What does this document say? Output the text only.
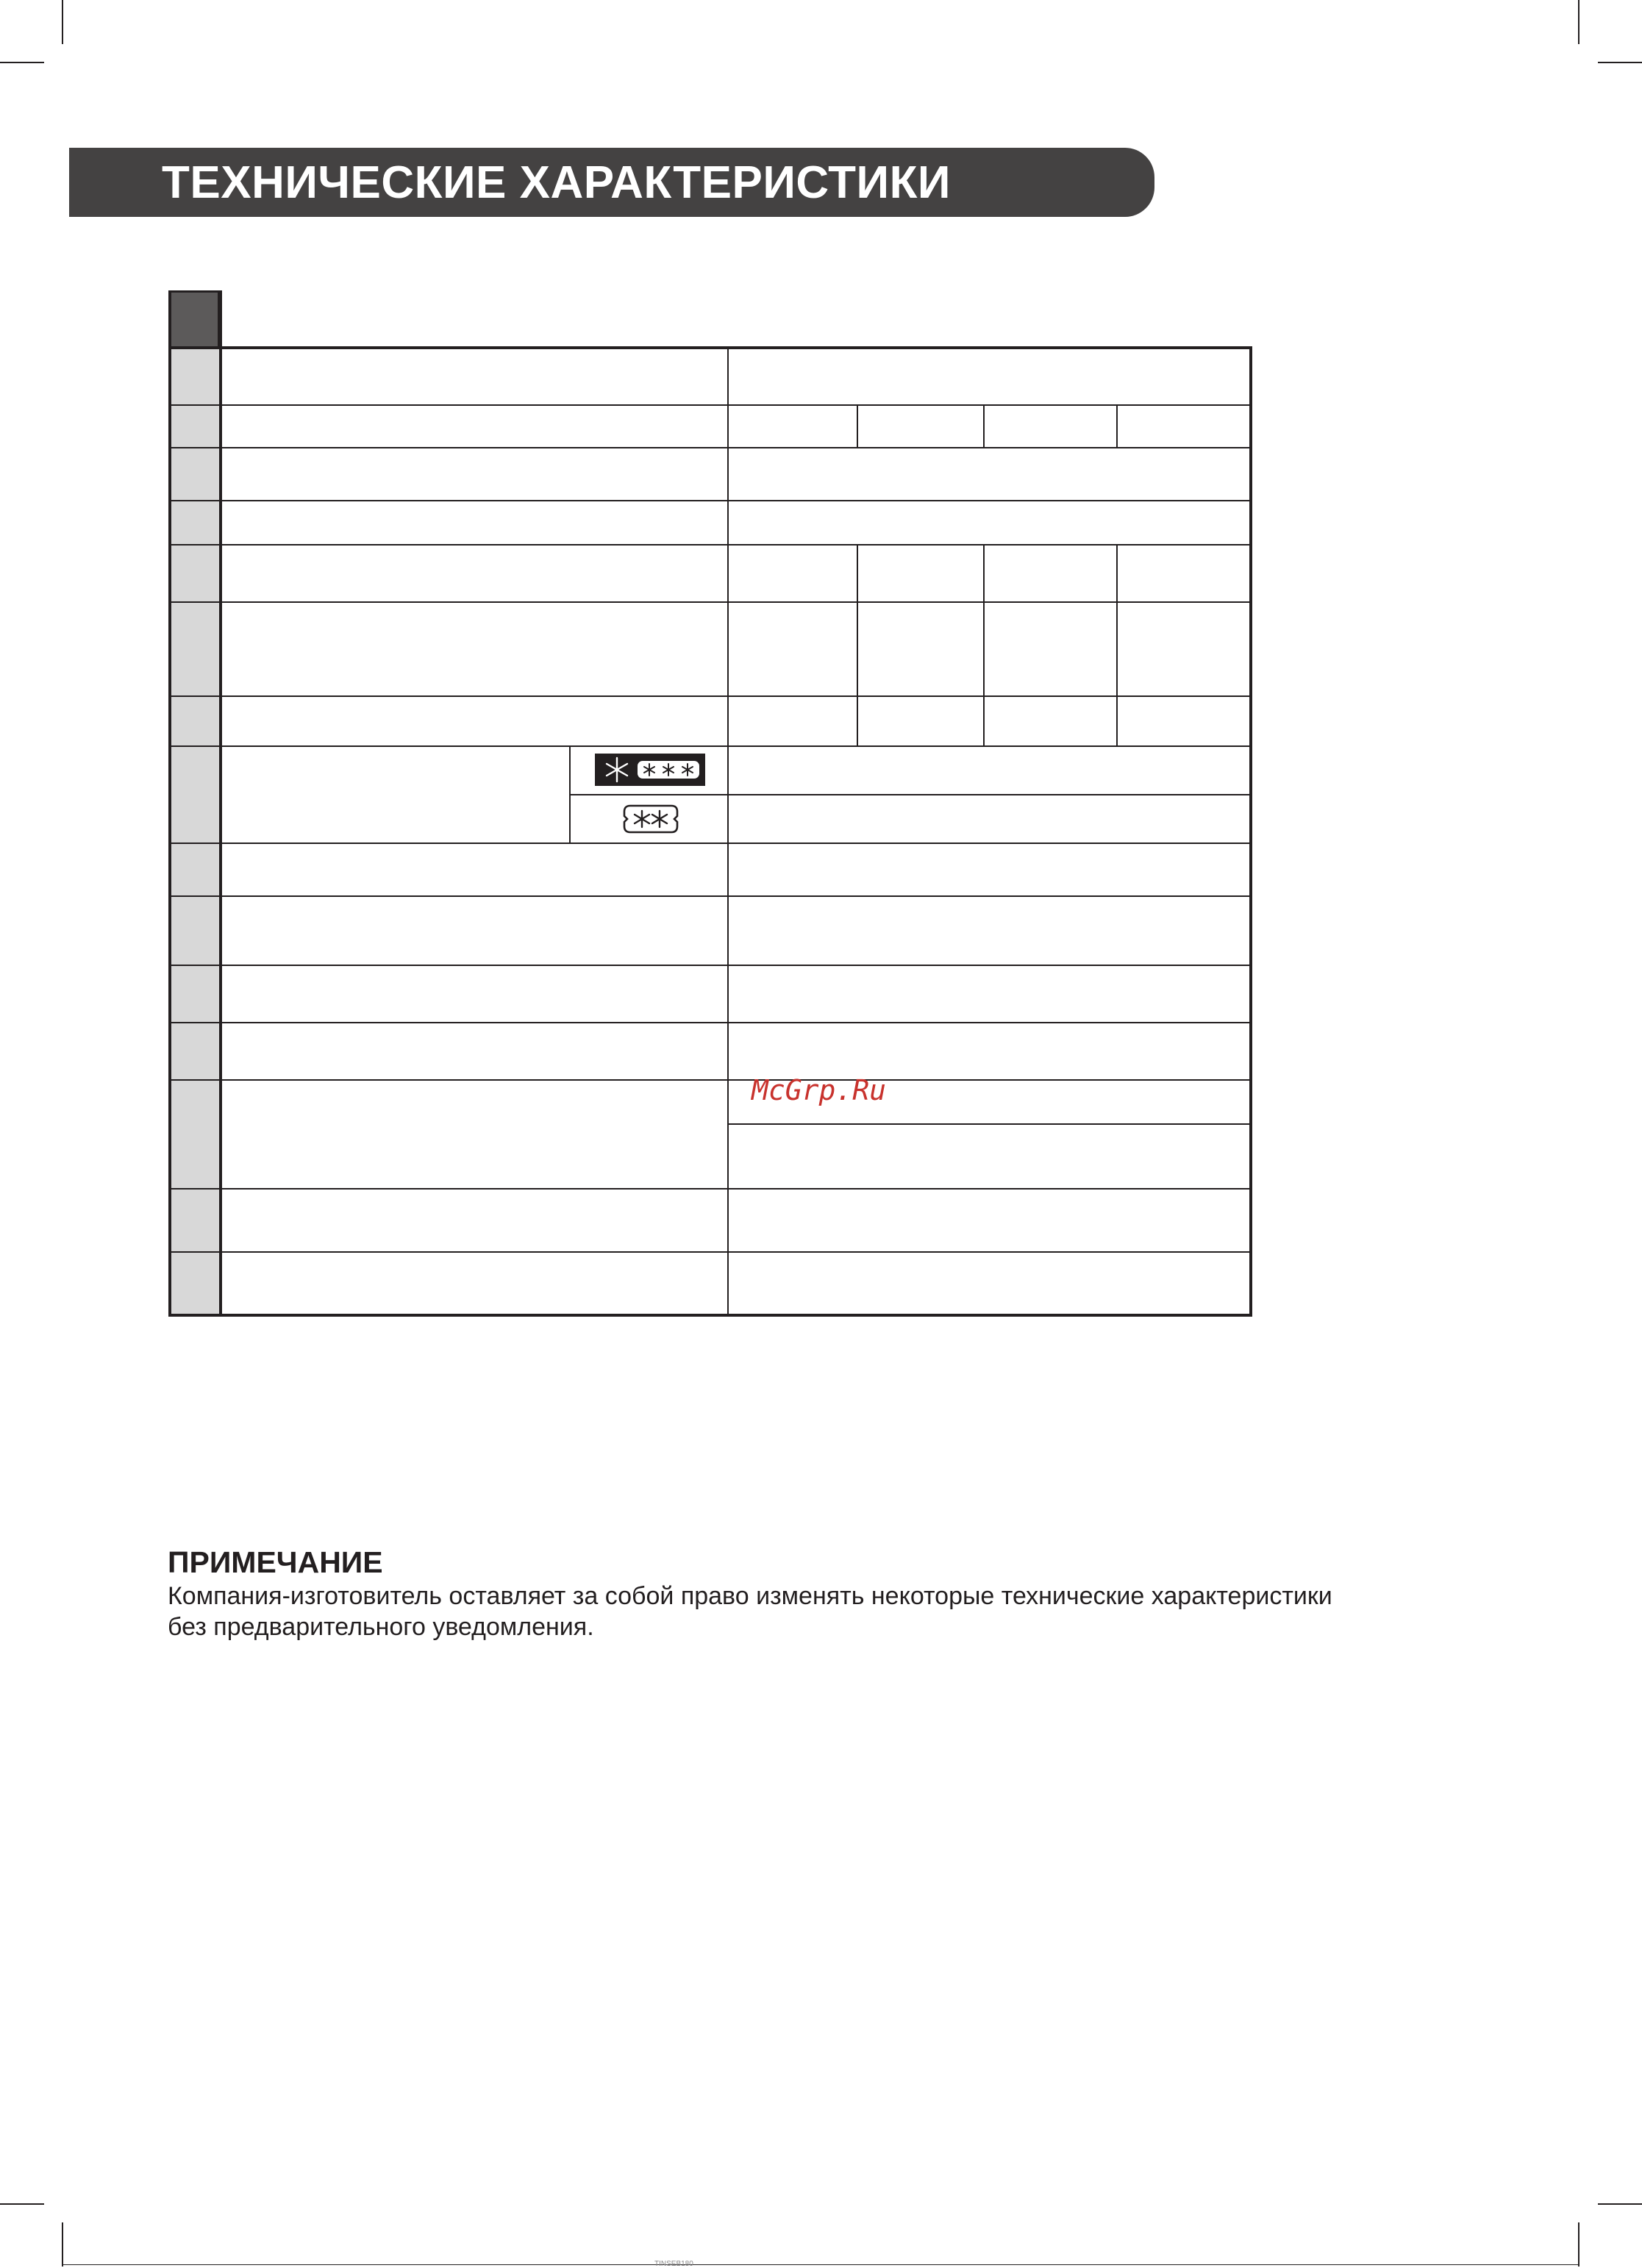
ТЕХНИЧЕСКИЕ ХАРАКТЕРИСТИКИ
McGrp.Ru
ПРИМЕЧАНИЕ
Компания-изготовитель оставляет за собой право изменять некоторые технические характеристики
без предварительного уведомления.
TINSEB180
